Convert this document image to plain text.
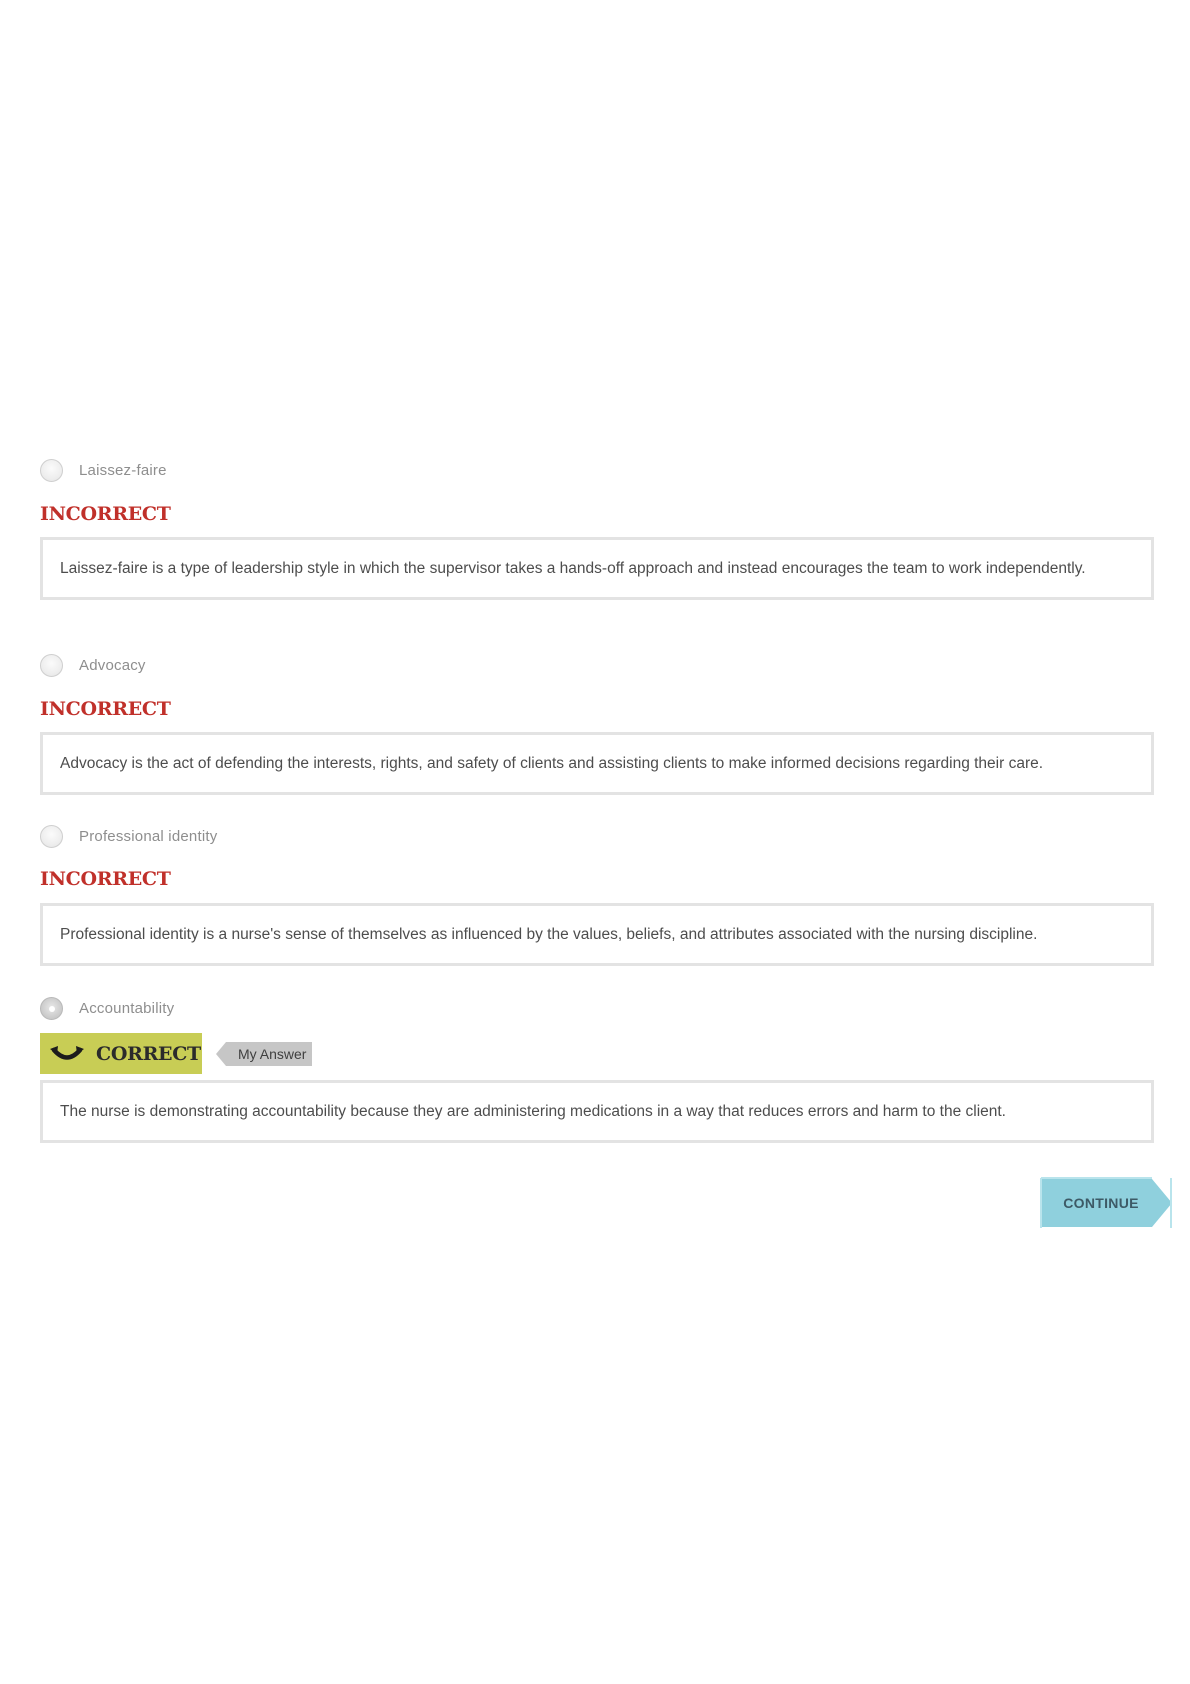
Laissez-faire
INCORRECT
Laissez-faire is a type of leadership style in which the supervisor takes a hands-off approach and instead encourages the team to work independently.
Advocacy
INCORRECT
Advocacy is the act of defending the interests, rights, and safety of clients and assisting clients to make informed decisions regarding their care.
Professional identity
INCORRECT
Professional identity is a nurse's sense of themselves as influenced by the values, beliefs, and attributes associated with the nursing discipline.
Accountability
CORRECT	My Answer
The nurse is demonstrating accountability because they are administering medications in a way that reduces errors and harm to the client.
CONTINUE
